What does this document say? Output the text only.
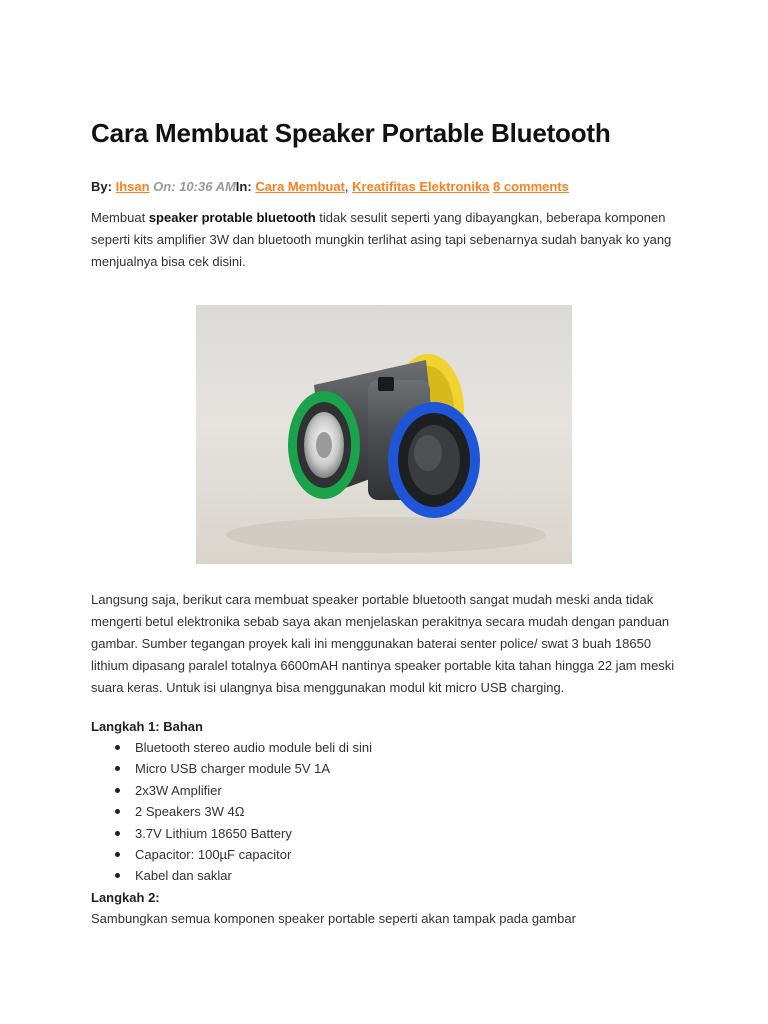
Cara Membuat Speaker Portable Bluetooth
By: Ihsan On: 10:36 AMIn: Cara Membuat, Kreatifitas Elektronika 8 comments

Membuat speaker protable bluetooth tidak sesulit seperti yang dibayangkan, beberapa komponen seperti kits amplifier 3W dan bluetooth mungkin terlihat asing tapi sebenarnya sudah banyak ko yang menjualnya bisa cek disini.

Langsung saja, berikut cara membuat speaker portable bluetooth sangat mudah meski anda tidak mengerti betul elektronika sebab saya akan menjelaskan perakitnya secara mudah dengan panduan gambar. Sumber tegangan proyek kali ini menggunakan baterai senter police/ swat 3 buah 18650 lithium dipasang paralel totalnya 6600mAH nantinya speaker portable kita tahan hingga 22 jam meski suara keras. Untuk isi ulangnya bisa menggunakan modul kit micro USB charging.

Langkah 1: Bahan
Bluetooth stereo audio module beli di sini
Micro USB charger module 5V 1A
2x3W Amplifier
2 Speakers 3W 4Ω
3.7V Lithium 18650 Battery
Capacitor: 100µF capacitor
Kabel dan saklar
Langkah 2:

Sambungkan semua komponen speaker portable seperti akan tampak pada gambar
